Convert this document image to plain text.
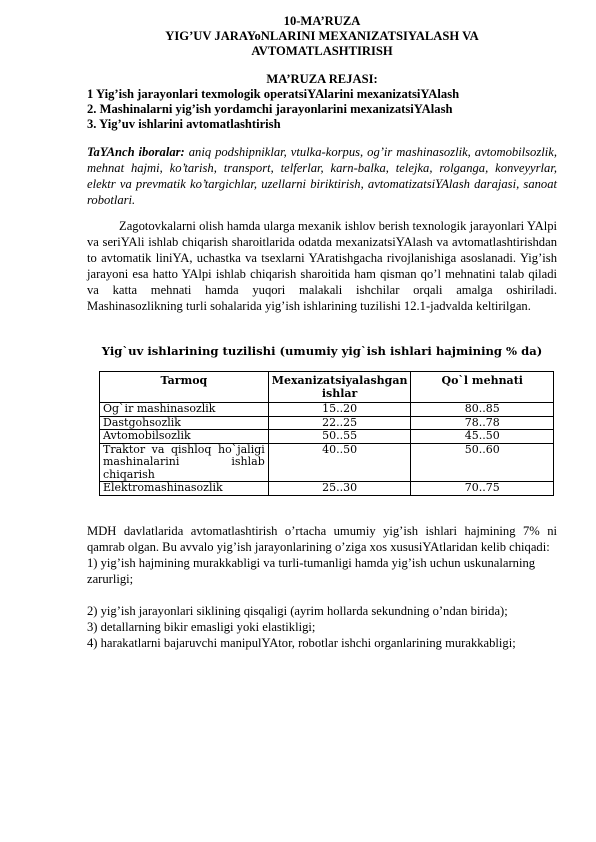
10-MA’RUZA
YIG’UV JARAYoNLARINI MEXANIZATSIYALASH VA
AVTOMATLASHTIRISH
MA’RUZA REJASI:
1 Yig’ish jarayonlari texmologik operatsiYAlarini mexanizatsiYAlash
2. Mashinalarni yig’ish yordamchi jarayonlarini mexanizatsiYAlash
3. Yig’uv ishlarini avtomatlashtirish
TaYAnch iboralar: aniq podshipniklar, vtulka-korpus, og’ir mashinasozlik, avtomobilsozlik, mehnat hajmi, ko’tarish, transport, telferlar, karn-balka, telejka, rolganga, konveyyrlar, elektr va prevmatik ko’targichlar, uzellarni biriktirish, avtomatizatsiYAlash darajasi, sanoat robotlari.
Zagotovkalarni olish hamda ularga mexanik ishlov berish texnologik jarayonlari YAlpi va seriYAli ishlab chiqarish sharoitlarida odatda mexanizatsiYAlash va avtomatlashtirishdan to avtomatik liniYA, uchastka va tsexlarni YAratishgacha rivojlanishiga asoslanadi. Yig’ish jarayoni esa hatto YAlpi ishlab chiqarish sharoitida ham qisman qo’l mehnatini talab qiladi va katta mehnati hamda yuqori malakali ishchilar orqali amalga oshiriladi. Mashinasozlikning turli sohalarida yig’ish ishlarining tuzilishi 12.1-jadvalda keltirilgan.
Yig`uv ishlarining tuzilishi (umumiy yig`ish ishlari hajmining % da)
Tarmoq	Mexanizatsiyalashgan ishlar	Qo`l mehnati
Og`ir mashinasozlik	15..20	80..85
Dastgohsozlik	22..25	78..78
Avtomobilsozlik	50..55	45..50
Traktor va qishloq ho`jaligi mashinalarini ishlab chiqarish	40..50	50..60
Elektromashinasozlik	25..30	70..75
MDH davlatlarida avtomatlashtirish o’rtacha umumiy yig’ish ishlari hajmining 7% ni qamrab olgan. Bu avvalo yig’ish jarayonlarining o’ziga xos xususiYAtlaridan kelib chiqadi:
1) yig’ish hajmining murakkabligi va turli-tumanligi hamda yig’ish uchun uskunalarning zarurligi;
2) yig’ish jarayonlari siklining qisqaligi (ayrim hollarda sekundning o’ndan birida);
3) detallarning bikir emasligi yoki elastikligi;
4) harakatlarni bajaruvchi manipulYAtor, robotlar ishchi organlarining murakkabligi;
